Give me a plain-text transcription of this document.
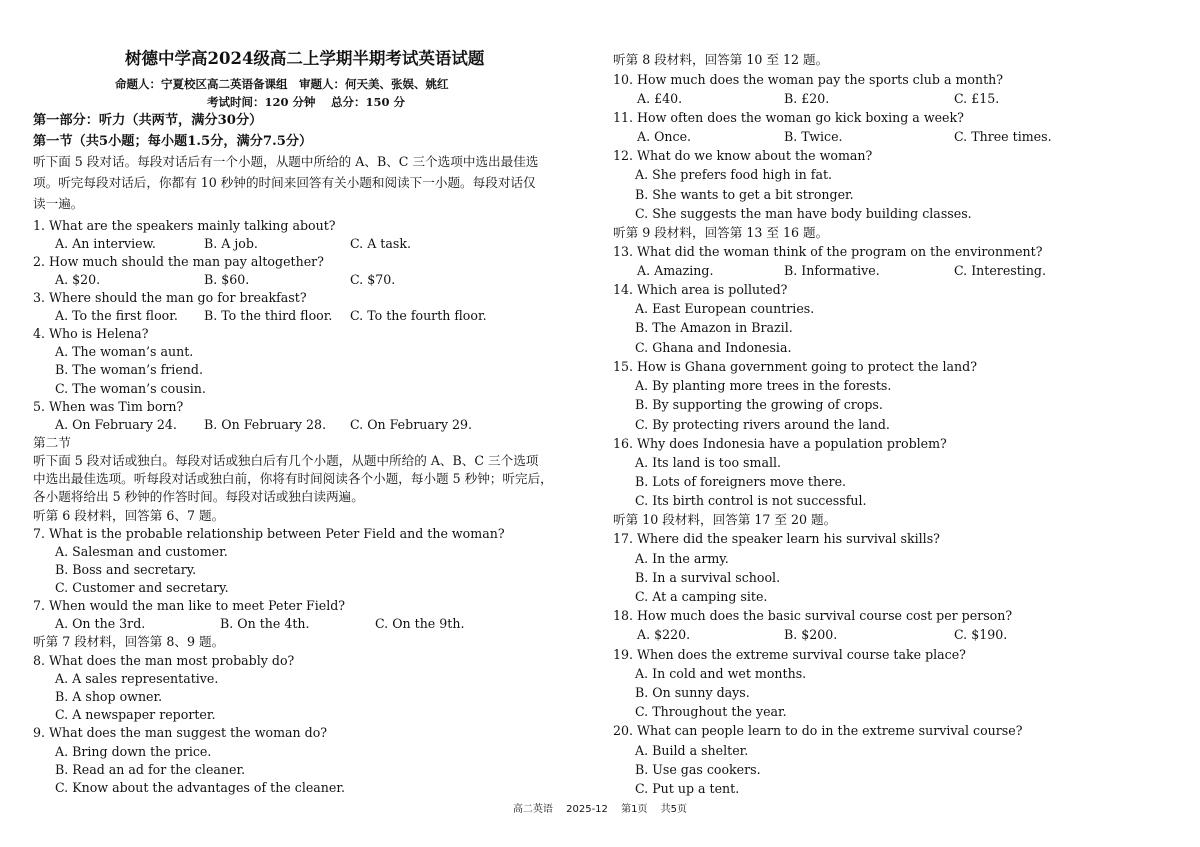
树德中学高2024级高二上学期半期考试英语试题
命题人：宁夏校区高二英语备课组　审题人：何天美、张娱、姚红
考试时间：120 分钟　 总分：150 分
第一部分：听力（共两节，满分30分）
第一节（共5小题；每小题1.5分，满分7.5分）
听下面 5 段对话。每段对话后有一个小题，从题中所给的 A、B、C 三个选项中选出最佳选
项。听完每段对话后，你都有 10 秒钟的时间来回答有关小题和阅读下一小题。每段对话仅
读一遍。
1. What are the speakers mainly talking about?
A. An interview.	B. A job.	C. A task.
2. How much should the man pay altogether?
A. $20.	B. $60.	C. $70.
3. Where should the man go for breakfast?
A. To the first floor. B. To the third floor. C. To the fourth floor.
4. Who is Helena?
A. The woman’s aunt.
B. The woman’s friend.
C. The woman’s cousin.
5. When was Tim born?
A. On February 24. B. On February 28. C. On February 29.
第二节
听下面 5 段对话或独白。每段对话或独白后有几个小题，从题中所给的 A、B、C 三个选项
中选出最佳选项。听每段对话或独白前，你将有时间阅读各个小题，每小题 5 秒钟；听完后，
各小题将给出 5 秒钟的作答时间。每段对话或独白读两遍。
听第 6 段材料，回答第 6、7 题。
7. What is the probable relationship between Peter Field and the woman?
A. Salesman and customer.
B. Boss and secretary.
C. Customer and secretary.
7. When would the man like to meet Peter Field?
A. On the 3rd.	B. On the 4th.	C. On the 9th.
听第 7 段材料，回答第 8、9 题。
8. What does the man most probably do?
A. A sales representative.
B. A shop owner.
C. A newspaper reporter.
9. What does the man suggest the woman do?
A. Bring down the price.
B. Read an ad for the cleaner.
C. Know about the advantages of the cleaner.
听第 8 段材料，回答第 10 至 12 题。
10. How much does the woman pay the sports club a month?
A. £40.	B. £20.	C. £15.
11. How often does the woman go kick boxing a week?
A. Once.	B. Twice.	C. Three times.
12. What do we know about the woman?
A. She prefers food high in fat.
B. She wants to get a bit stronger.
C. She suggests the man have body building classes.
听第 9 段材料，回答第 13 至 16 题。
13. What did the woman think of the program on the environment?
A. Amazing.	B. Informative.	C. Interesting.
14. Which area is polluted?
A. East European countries.
B. The Amazon in Brazil.
C. Ghana and Indonesia.
15. How is Ghana government going to protect the land?
A. By planting more trees in the forests.
B. By supporting the growing of crops.
C. By protecting rivers around the land.
16. Why does Indonesia have a population problem?
A. Its land is too small.
B. Lots of foreigners move there.
C. Its birth control is not successful.
听第 10 段材料，回答第 17 至 20 题。
17. Where did the speaker learn his survival skills?
A. In the army.
B. In a survival school.
C. At a camping site.
18. How much does the basic survival course cost per person?
A. $220.	B. $200.	C. $190.
19. When does the extreme survival course take place?
A. In cold and wet months.
B. On sunny days.
C. Throughout the year.
20. What can people learn to do in the extreme survival course?
A. Build a shelter.
B. Use gas cookers.
C. Put up a tent.
高二英语 2025-12 第1页 共5页
